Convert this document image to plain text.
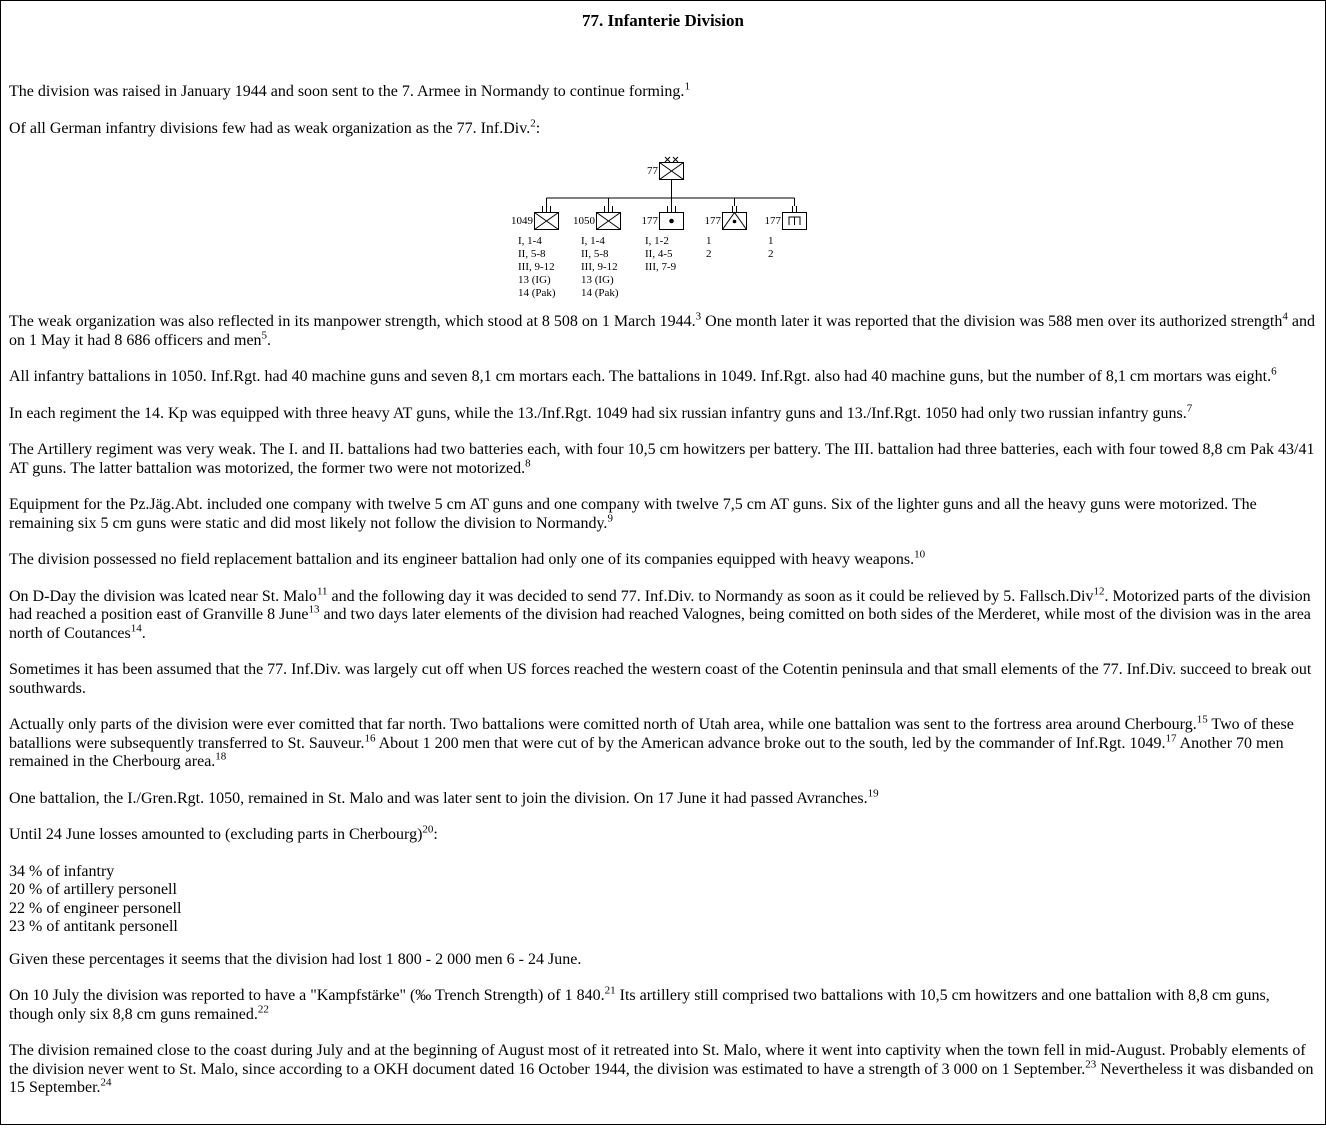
77. Infanterie Division

The division was raised in January 1944 and soon sent to the 7. Armee in Normandy to continue forming.$^1$

Of all German infantry divisions few had as weak organization as the 77. Inf.Div.$^2$:

77
1049
I, 1-4
II, 5-8
III, 9-12
13 (IG)
14 (Pak)
1050
I, 1-4
II, 5-8
III, 9-12
13 (IG)
14 (Pak)
177
I, 1-2
II, 4-5
III, 7-9
177
1
2
177
1
2

The weak organization was also reflected in its manpower strength, which stood at 8 508 on 1 March 1944.$^3$ One month later it was reported that the division was 588 men over its authorized strength$^4$ and on 1 May it had 8 686 officers and men$^5$.

All infantry battalions in 1050. Inf.Rgt. had 40 machine guns and seven 8,1 cm mortars each. The battalions in 1049. Inf.Rgt. also had 40 machine guns, but the number of 8,1 cm mortars was eight.$^6$

In each regiment the 14. Kp was equipped with three heavy AT guns, while the 13./Inf.Rgt. 1049 had six russian infantry guns and 13./Inf.Rgt. 1050 had only two russian infantry guns.$^7$

The Artillery regiment was very weak. The I. and II. battalions had two batteries each, with four 10,5 cm howitzers per battery. The III. battalion had three batteries, each with four towed 8,8 cm Pak 43/41 AT guns. The latter battalion was motorized, the former two were not motorized.$^8$

Equipment for the Pz.Jäg.Abt. included one company with twelve 5 cm AT guns and one company with twelve 7,5 cm AT guns. Six of the lighter guns and all the heavy guns were motorized. The remaining six 5 cm guns were static and did most likely not follow the division to Normandy.$^9$

The division possessed no field replacement battalion and its engineer battalion had only one of its companies equipped with heavy weapons.$^{10}$

On D-Day the division was lcated near St. Malo$^{11}$ and the following day it was decided to send 77. Inf.Div. to Normandy as soon as it could be relieved by 5. Fallsch.Div$^{12}$. Motorized parts of the division had reached a position east of Granville 8 June$^{13}$ and two days later elements of the division had reached Valognes, being comitted on both sides of the Merderet, while most of the division was in the area north of Coutances$^{14}$.

Sometimes it has been assumed that the 77. Inf.Div. was largely cut off when US forces reached the western coast of the Cotentin peninsula and that small elements of the 77. Inf.Div. succeed to break out southwards.

Actually only parts of the division were ever comitted that far north. Two battalions were comitted north of Utah area, while one battalion was sent to the fortress area around Cherbourg.$^{15}$ Two of these batallions were subsequently transferred to St. Sauveur.$^{16}$ About 1 200 men that were cut of by the American advance broke out to the south, led by the commander of Inf.Rgt. 1049.17 Another 70 men remained in the Cherbourg area.$^{18}$

One battalion, the I./Gren.Rgt. 1050, remained in St. Malo and was later sent to join the division. On 17 June it had passed Avranches.$^{19}$

Until 24 June losses amounted to (excluding parts in Cherbourg)$^{20}$:

34 % of infantry
20 % of artillery personell
22 % of engineer personell
23 % of antitank personell

Given these percentages it seems that the division had lost 1 800 - 2 000 men 6 - 24 June.

On 10 July the division was reported to have a "Kampfstärke" (‰ Trench Strength) of 1 840.21 Its artillery still comprised two battalions with 10,5 cm howitzers and one battalion with 8,8 cm guns, though only six 8,8 cm guns remained.$^{22}$

The division remained close to the coast during July and at the beginning of August most of it retreated into St. Malo, where it went into captivity when the town fell in mid-August. Probably elements of the division never went to St. Malo, since according to a OKH document dated 16 October 1944, the division was estimated to have a strength of 3 000 on 1 September.$^{23}$ Nevertheless it was disbanded on 15 September.$^{24}$
